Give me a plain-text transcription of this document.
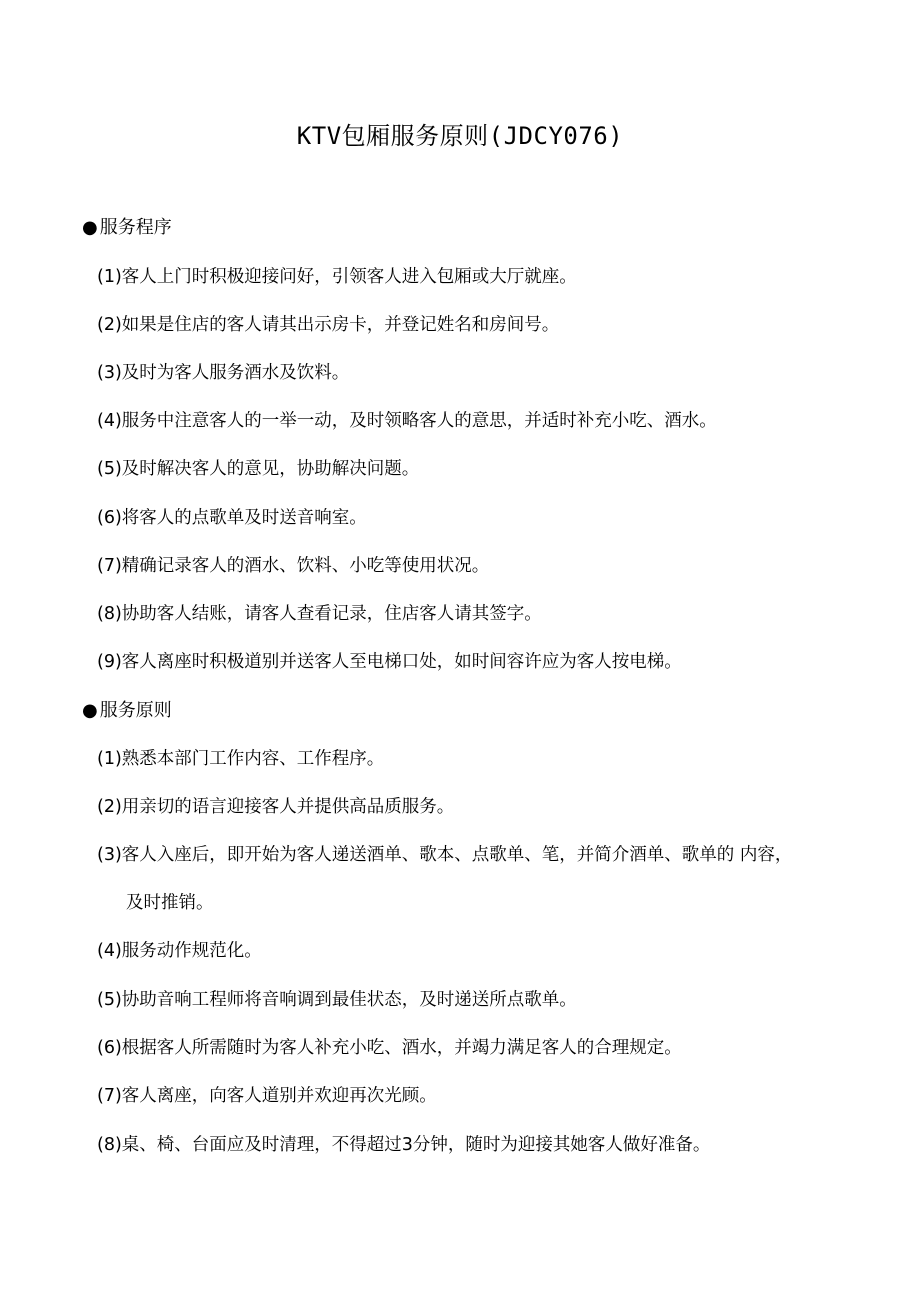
KTV包厢服务原则(JDCY076)
● 服务程序
(1)客人上门时积极迎接问好，引领客人进入包厢或大厅就座。
(2)如果是住店的客人请其出示房卡，并登记姓名和房间号。
(3)及时为客人服务酒水及饮料。
(4)服务中注意客人的一举一动，及时领略客人的意思，并适时补充小吃、酒水。
(5)及时解决客人的意见，协助解决问题。
(6)将客人的点歌单及时送音响室。
(7)精确记录客人的酒水、饮料、小吃等使用状况。
(8)协助客人结账，请客人查看记录，住店客人请其签字。
(9)客人离座时积极道别并送客人至电梯口处，如时间容许应为客人按电梯。
● 服务原则
(1)熟悉本部门工作内容、工作程序。
(2)用亲切的语言迎接客人并提供高品质服务。
(3)客人入座后，即开始为客人递送酒单、歌本、点歌单、笔，并简介酒单、歌单的 内容，
及时推销。
(4)服务动作规范化。
(5)协助音响工程师将音响调到最佳状态，及时递送所点歌单。
(6)根据客人所需随时为客人补充小吃、酒水，并竭力满足客人的合理规定。
(7)客人离座，向客人道别并欢迎再次光顾。
(8)桌、椅、台面应及时清理，不得超过3分钟，随时为迎接其她客人做好准备。
